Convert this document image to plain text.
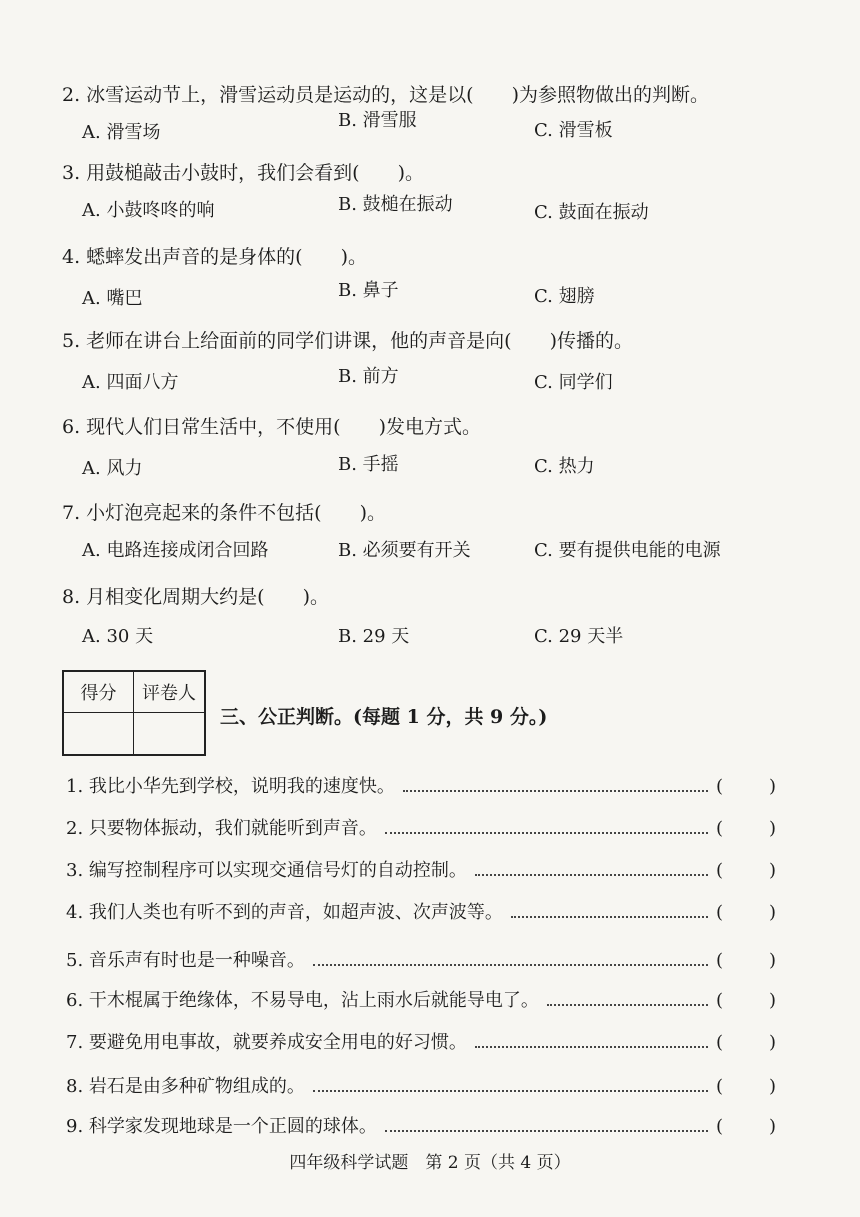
2. 冰雪运动节上，滑雪运动员是运动的，这是以(　　)为参照物做出的判断。
A. 滑雪场
B. 滑雪服	C. 滑雪板
3. 用鼓槌敲击小鼓时，我们会看到(　　)。
A. 小鼓咚咚的响	B. 鼓槌在振动	C. 鼓面在振动
4. 蟋蟀发出声音的是身体的(　　)。
A. 嘴巴	B. 鼻子	C. 翅膀
5. 老师在讲台上给面前的同学们讲课，他的声音是向(　　)传播的。
A. 四面八方	B. 前方	C. 同学们
6. 现代人们日常生活中，不使用(　　)发电方式。
A. 风力	B. 手摇	C. 热力
7. 小灯泡亮起来的条件不包括(　　)。
A. 电路连接成闭合回路	B. 必须要有开关	C. 要有提供电能的电源
8. 月相变化周期大约是(　　)。
A. 30 天	B. 29 天	C. 29 天半
得分	评卷人
三、公正判断。(每题 1 分，共 9 分。)
1. 我比小华先到学校，说明我的速度快。	(	)
2. 只要物体振动，我们就能听到声音。	(	)
3. 编写控制程序可以实现交通信号灯的自动控制。	(	)
4. 我们人类也有听不到的声音，如超声波、次声波等。	(	)
5. 音乐声有时也是一种噪音。	(	)
6. 干木棍属于绝缘体，不易导电，沾上雨水后就能导电了。	(	)
7. 要避免用电事故，就要养成安全用电的好习惯。	(	)
8. 岩石是由多种矿物组成的。	(	)
9. 科学家发现地球是一个正圆的球体。	(	)
四年级科学试题　第 2 页（共 4 页）
